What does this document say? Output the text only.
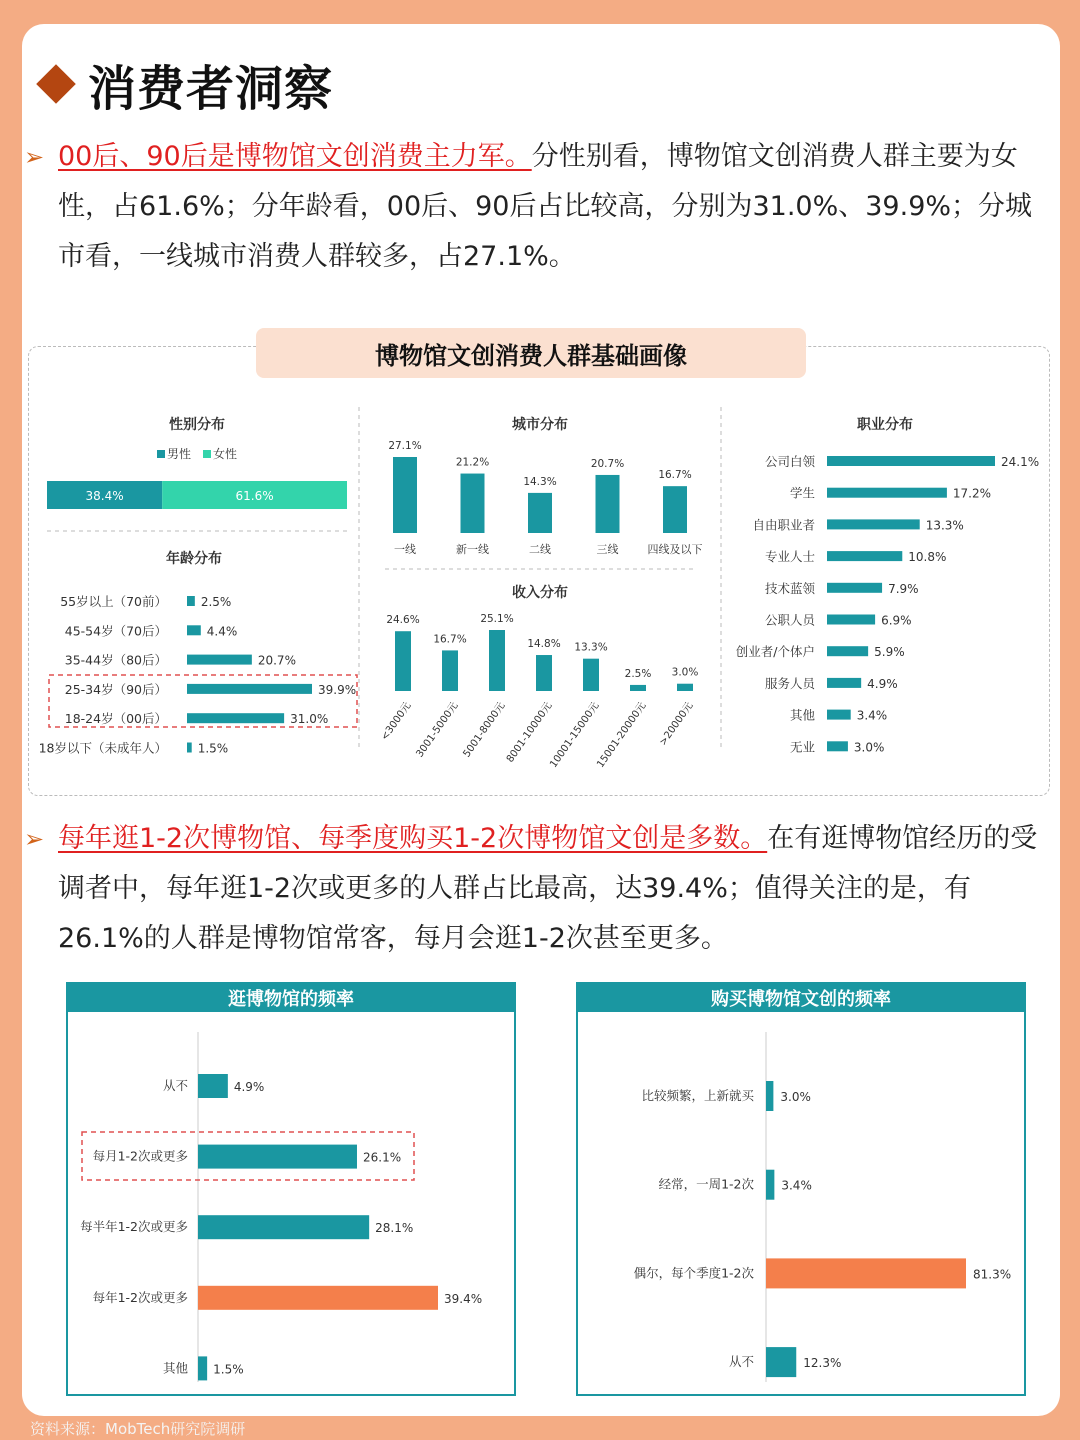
消费者洞察
➢ 00后、90后是博物馆文创消费主力军。分性别看，博物馆文创消费人群主要为女性，占61.6%；分年龄看，00后、90后占比较高，分别为31.0%、39.9%；分城市看，一线城市消费人群较多，占27.1%。
性别分布
男性 女性
38.4%	61.6%
年龄分布
55岁以上（70前）	2.5%
45-54岁（70后）	4.4%
35-44岁（80后）	20.7%
25-34岁（90后）	39.9%
18-24岁（00后）	31.0%
18岁以下（未成年人）	1.5%
城市分布
27.1%
一线
21.2%
新一线
14.3%
二线
20.7%
三线
16.7%
四线及以下
收入分布
24.6%
<3000元
16.7%
3001-5000元
25.1%
5001-8000元
14.8%
8001-10000元
13.3%
10001-15000元
2.5%
15001-20000元
3.0%
>20000元
职业分布
公司白领	24.1%
学生	17.2%
自由职业者	13.3%
专业人士	10.8%
技术蓝领	7.9%
公职人员	6.9%
创业者/个体户	5.9%
服务人员	4.9%
其他	3.4%
无业	3.0%
博物馆文创消费人群基础画像
➢ 每年逛1-2次博物馆、每季度购买1-2次博物馆文创是多数。在有逛博物馆经历的受调者中，每年逛1-2次或更多的人群占比最高，达39.4%；值得关注的是，有26.1%的人群是博物馆常客，每月会逛1-2次甚至更多。
逛博物馆的频率
从不	4.9%
每月1-2次或更多	26.1%
每半年1-2次或更多	28.1%
每年1-2次或更多	39.4%
其他 1.5%
购买博物馆文创的频率
比较频繁，上新就买 3.0%
经常，一周1-2次 3.4%
偶尔，每个季度1-2次	81.3%
从不	12.3%
资料来源：MobTech研究院调研
